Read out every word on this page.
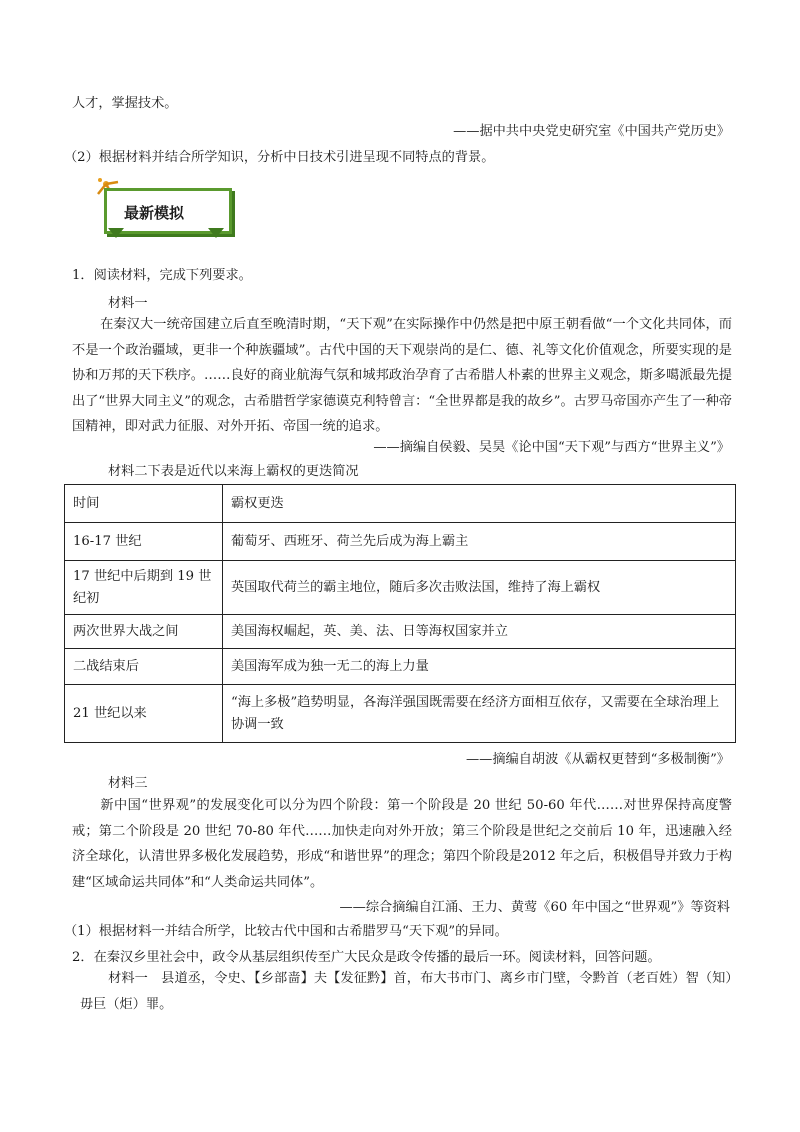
人才，掌握技术。
——据中共中央党史研究室《中国共产党历史》
（2）根据材料并结合所学知识，分析中日技术引进呈现不同特点的背景。
最新模拟
1．阅读材料，完成下列要求。
材料一
在秦汉大一统帝国建立后直至晚清时期，“天下观”在实际操作中仍然是把中原王朝看做“一个文化共同体，而不是一个政治疆域，更非一个种族疆域”。古代中国的天下观崇尚的是仁、德、礼等文化价值观念，所要实现的是协和万邦的天下秩序。……良好的商业航海气氛和城邦政治孕育了古希腊人朴素的世界主义观念，斯多噶派最先提出了“世界大同主义”的观念，古希腊哲学家德谟克利特曾言：“全世界都是我的故乡”。古罗马帝国亦产生了一种帝国精神，即对武力征服、对外开拓、帝国一统的追求。
——摘编自侯毅、吴昊《论中国“天下观”与西方“世界主义”》
材料二下表是近代以来海上霸权的更迭简况
时间	霸权更迭
16-17 世纪	葡萄牙、西班牙、荷兰先后成为海上霸主
17 世纪中后期到 19 世纪初	英国取代荷兰的霸主地位，随后多次击败法国，维持了海上霸权
两次世界大战之间	美国海权崛起，英、美、法、日等海权国家并立
二战结束后	美国海军成为独一无二的海上力量
21 世纪以来	“海上多极”趋势明显，各海洋强国既需要在经济方面相互依存，又需要在全球治理上协调一致
——摘编自胡波《从霸权更替到“多极制衡”》
材料三
新中国“世界观”的发展变化可以分为四个阶段：第一个阶段是 20 世纪 50-60 年代……对世界保持高度警戒；第二个阶段是 20 世纪 70-80 年代……加快走向对外开放；第三个阶段是世纪之交前后 10 年，迅速融入经济全球化，认清世界多极化发展趋势，形成“和谐世界”的理念；第四个阶段是2012 年之后，积极倡导并致力于构建“区域命运共同体”和“人类命运共同体”。
——综合摘编自江涌、王力、黄莺《60 年中国之“世界观”》等资料
（1）根据材料一并结合所学，比较古代中国和古希腊罗马“天下观”的异同。
2．在秦汉乡里社会中，政令从基层组织传至广大民众是政令传播的最后一环。阅读材料，回答问题。
材料一　县道丞，令史、【乡部啬】夫【发征黔】首，布大书市门、离乡市门壁，令黔首（老百姓）智（知）毋巨（炬）罪。
